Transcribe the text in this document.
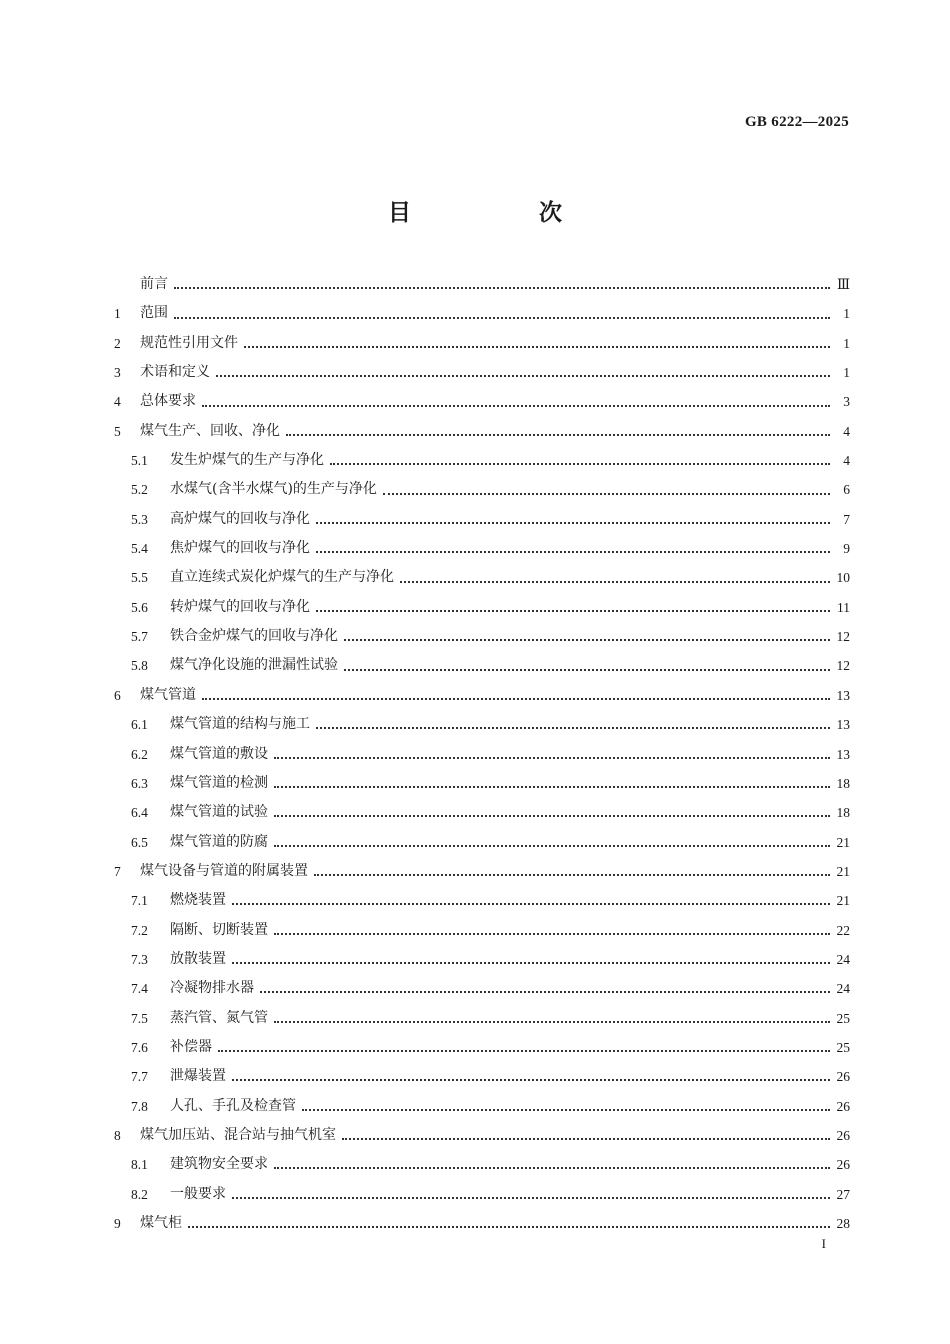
GB 6222—2025
目 次
前言	Ⅲ
1	范围	1
2	规范性引用文件	1
3	术语和定义	1
4	总体要求	3
5	煤气生产、回收、净化	4
5.1	发生炉煤气的生产与净化	4
5.2	水煤气(含半水煤气)的生产与净化	6
5.3	高炉煤气的回收与净化	7
5.4	焦炉煤气的回收与净化	9
5.5	直立连续式炭化炉煤气的生产与净化	10
5.6	转炉煤气的回收与净化	11
5.7	铁合金炉煤气的回收与净化	12
5.8	煤气净化设施的泄漏性试验	12
6	煤气管道	13
6.1	煤气管道的结构与施工	13
6.2	煤气管道的敷设	13
6.3	煤气管道的检测	18
6.4	煤气管道的试验	18
6.5	煤气管道的防腐	21
7	煤气设备与管道的附属装置	21
7.1	燃烧装置	21
7.2	隔断、切断装置	22
7.3	放散装置	24
7.4	冷凝物排水器	24
7.5	蒸汽管、氮气管	25
7.6	补偿器	25
7.7	泄爆装置	26
7.8	人孔、手孔及检查管	26
8	煤气加压站、混合站与抽气机室	26
8.1	建筑物安全要求	26
8.2	一般要求	27
9	煤气柜	28
I
